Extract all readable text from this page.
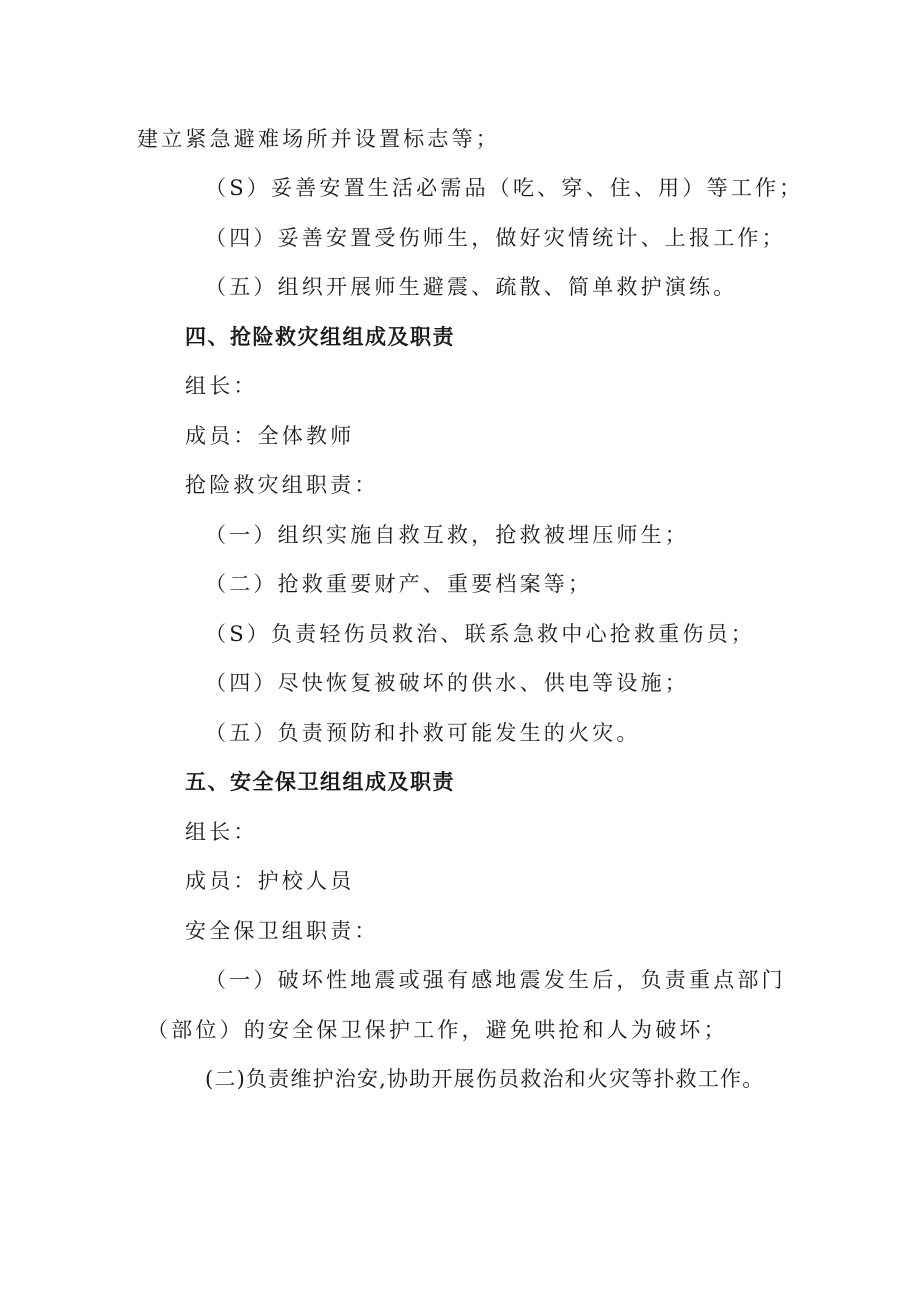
建立紧急避难场所并设置标志等；
（S）妥善安置生活必需品（吃、穿、住、用）等工作；
（四）妥善安置受伤师生，做好灾情统计、上报工作；
（五）组织开展师生避震、疏散、简单救护演练。
四、抢险救灾组组成及职责
组长：
成员：全体教师
抢险救灾组职责：
（一）组织实施自救互救，抢救被埋压师生；
（二）抢救重要财产、重要档案等；
（S）负责轻伤员救治、联系急救中心抢救重伤员；
（四）尽快恢复被破坏的供水、供电等设施；
（五）负责预防和扑救可能发生的火灾。
五、安全保卫组组成及职责
组长：
成员：护校人员
安全保卫组职责：
（一）破坏性地震或强有感地震发生后，负责重点部门
（部位）的安全保卫保护工作，避免哄抢和人为破坏；
(二)负责维护治安,协助开展伤员救治和火灾等扑救工作。
